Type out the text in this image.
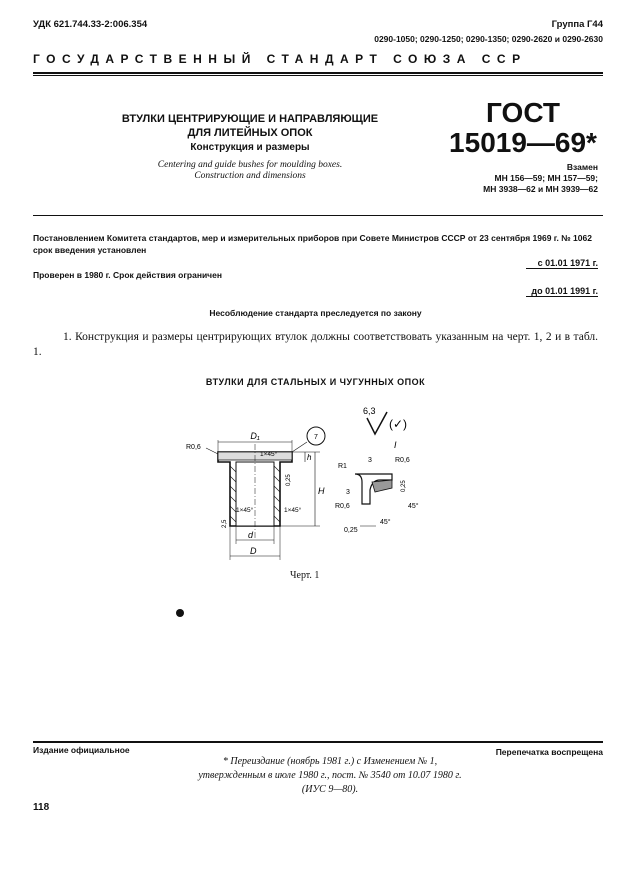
УДК 621.744.33-2:006.354	Группа Г44
0290-1050; 0290-1250; 0290-1350; 0290-2620 и 0290-2630
ГОСУДАРСТВЕННЫЙ СТАНДАРТ СОЮЗА ССР
ВТУЛКИ ЦЕНТРИРУЮЩИЕ И НАПРАВЛЯЮЩИЕ
ДЛЯ ЛИТЕЙНЫХ ОПОК
Конструкция и размеры
Centering and guide bushes for moulding boxes.
Construction and dimensions
ГОСТ
15019—69*
Взамен
МН 156—59; МН 157—59;
МН 3938—62 и МН 3939—62
Постановлением Комитета стандартов, мер и измерительных приборов при Совете Министров СССР от 23 сентября 1969 г. № 1062 срок введения установлен
с 01.01 1971 г.
Проверен в 1980 г. Срок действия ограничен
до 01.01 1991 г.
Несоблюдение стандарта преследуется по закону
1. Конструкция и размеры центрирующих втулок должны соответствовать указанным на черт. 1, 2 и в табл. 1.
ВТУЛКИ ДЛЯ СТАЛЬНЫХ И ЧУГУННЫХ ОПОК
6,3
(✓)
R0,6
D₁
1×45°
7
h
H
0,25
1×45°	1×45°
d
D
2,5
I
R0,6
R1
3
3
R0,6
0,25
45°
45°
0,25
Черт. 1
Издание официальное	Перепечатка воспрещена
* Переиздание (ноябрь 1981 г.) с Изменением № 1,
утвержденным в июле 1980 г., пост. № 3540 от 10.07 1980 г.
(ИУС 9—80).
118
